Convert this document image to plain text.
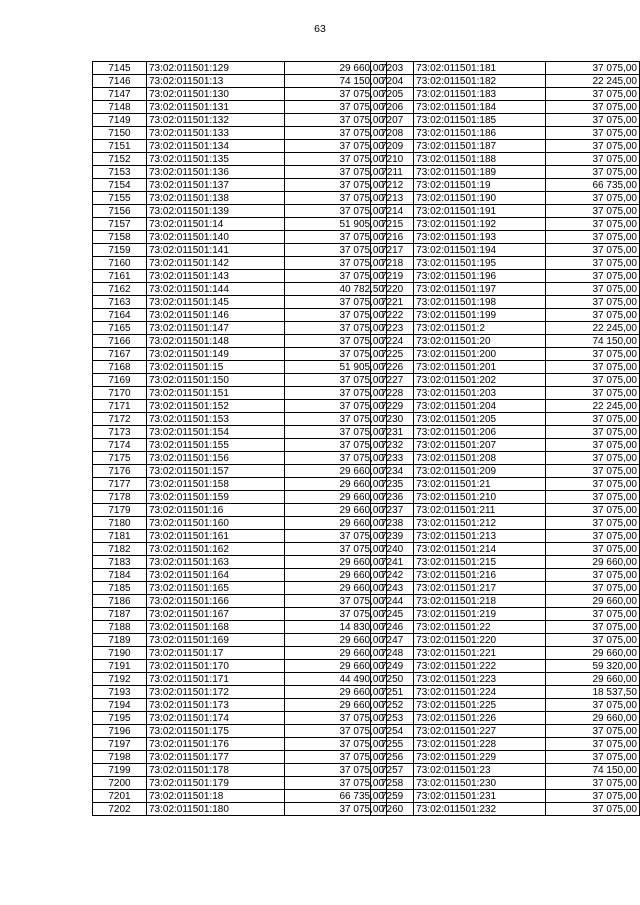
63
7145	73:02:011501:129	29 660,00
7146	73:02:011501:13	74 150,00
7147	73:02:011501:130	37 075,00
7148	73:02:011501:131	37 075,00
7149	73:02:011501:132	37 075,00
7150	73:02:011501:133	37 075,00
7151	73:02:011501:134	37 075,00
7152	73:02:011501:135	37 075,00
7153	73:02:011501:136	37 075,00
7154	73:02:011501:137	37 075,00
7155	73:02:011501:138	37 075,00
7156	73:02:011501:139	37 075,00
7157	73:02:011501:14	51 905,00
7158	73:02:011501:140	37 075,00
7159	73:02:011501:141	37 075,00
7160	73:02:011501:142	37 075,00
7161	73:02:011501:143	37 075,00
7162	73:02:011501:144	40 782,50
7163	73:02:011501:145	37 075,00
7164	73:02:011501:146	37 075,00
7165	73:02:011501:147	37 075,00
7166	73:02:011501:148	37 075,00
7167	73:02:011501:149	37 075,00
7168	73:02:011501:15	51 905,00
7169	73:02:011501:150	37 075,00
7170	73:02:011501:151	37 075,00
7171	73:02:011501:152	37 075,00
7172	73:02:011501:153	37 075,00
7173	73:02:011501:154	37 075,00
7174	73:02:011501:155	37 075,00
7175	73:02:011501:156	37 075,00
7176	73:02:011501:157	29 660,00
7177	73:02:011501:158	29 660,00
7178	73:02:011501:159	29 660,00
7179	73:02:011501:16	29 660,00
7180	73:02:011501:160	29 660,00
7181	73:02:011501:161	37 075,00
7182	73:02:011501:162	37 075,00
7183	73:02:011501:163	29 660,00
7184	73:02:011501:164	29 660,00
7185	73:02:011501:165	29 660,00
7186	73:02:011501:166	37 075,00
7187	73:02:011501:167	37 075,00
7188	73:02:011501:168	14 830,00
7189	73:02:011501:169	29 660,00
7190	73:02:011501:17	29 660,00
7191	73:02:011501:170	29 660,00
7192	73:02:011501:171	44 490,00
7193	73:02:011501:172	29 660,00
7194	73:02:011501:173	29 660,00
7195	73:02:011501:174	37 075,00
7196	73:02:011501:175	37 075,00
7197	73:02:011501:176	37 075,00
7198	73:02:011501:177	37 075,00
7199	73:02:011501:178	37 075,00
7200	73:02:011501:179	37 075,00
7201	73:02:011501:18	66 735,00
7202	73:02:011501:180	37 075,00
7203	73:02:011501:181	37 075,00
7204	73:02:011501:182	22 245,00
7205	73:02:011501:183	37 075,00
7206	73:02:011501:184	37 075,00
7207	73:02:011501:185	37 075,00
7208	73:02:011501:186	37 075,00
7209	73:02:011501:187	37 075,00
7210	73:02:011501:188	37 075,00
7211	73:02:011501:189	37 075,00
7212	73:02:011501:19	66 735,00
7213	73:02:011501:190	37 075,00
7214	73:02:011501:191	37 075,00
7215	73:02:011501:192	37 075,00
7216	73:02:011501:193	37 075,00
7217	73:02:011501:194	37 075,00
7218	73:02:011501:195	37 075,00
7219	73:02:011501:196	37 075,00
7220	73:02:011501:197	37 075,00
7221	73:02:011501:198	37 075,00
7222	73:02:011501:199	37 075,00
7223	73:02:011501:2	22 245,00
7224	73:02:011501:20	74 150,00
7225	73:02:011501:200	37 075,00
7226	73:02:011501:201	37 075,00
7227	73:02:011501:202	37 075,00
7228	73:02:011501:203	37 075,00
7229	73:02:011501:204	22 245,00
7230	73:02:011501:205	37 075,00
7231	73:02:011501:206	37 075,00
7232	73:02:011501:207	37 075,00
7233	73:02:011501:208	37 075,00
7234	73:02:011501:209	37 075,00
7235	73:02:011501:21	37 075,00
7236	73:02:011501:210	37 075,00
7237	73:02:011501:211	37 075,00
7238	73:02:011501:212	37 075,00
7239	73:02:011501:213	37 075,00
7240	73:02:011501:214	37 075,00
7241	73:02:011501:215	29 660,00
7242	73:02:011501:216	37 075,00
7243	73:02:011501:217	37 075,00
7244	73:02:011501:218	29 660,00
7245	73:02:011501:219	37 075,00
7246	73:02:011501:22	37 075,00
7247	73:02:011501:220	37 075,00
7248	73:02:011501:221	29 660,00
7249	73:02:011501:222	59 320,00
7250	73:02:011501:223	29 660,00
7251	73:02:011501:224	18 537,50
7252	73:02:011501:225	37 075,00
7253	73:02:011501:226	29 660,00
7254	73:02:011501:227	37 075,00
7255	73:02:011501:228	37 075,00
7256	73:02:011501:229	37 075,00
7257	73:02:011501:23	74 150,00
7258	73:02:011501:230	37 075,00
7259	73:02:011501:231	37 075,00
7260	73:02:011501:232	37 075,00
